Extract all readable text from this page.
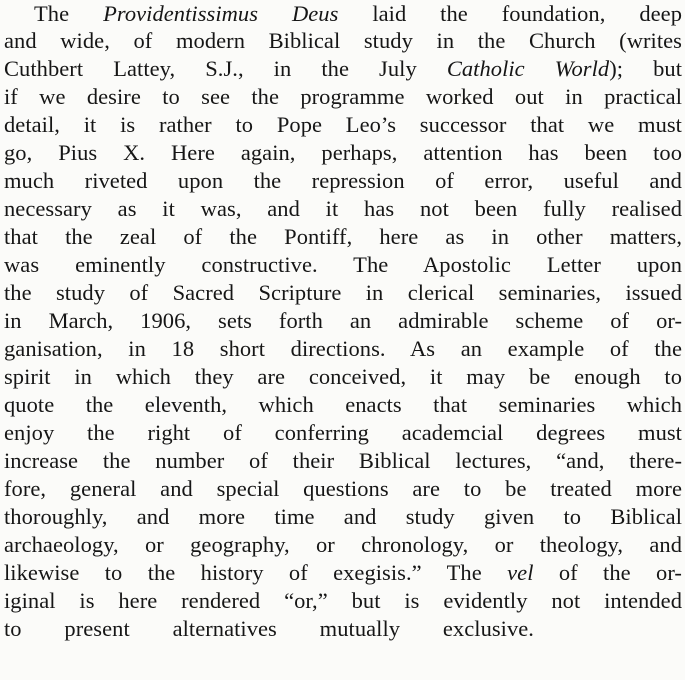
The Providentissimus Deus laid the foundation, deep
and wide, of modern Biblical study in the Church (writes
Cuthbert Lattey, S.J., in the July Catholic World); but
if we desire to see the programme worked out in practical
detail, it is rather to Pope Leo’s successor that we must
go, Pius X. Here again, perhaps, attention has been too
much riveted upon the repression of error, useful and
necessary as it was, and it has not been fully realised
that the zeal of the Pontiff, here as in other matters,
was eminently constructive. The Apostolic Letter upon
the study of Sacred Scripture in clerical seminaries, issued
in March, 1906, sets forth an admirable scheme of or-
ganisation, in 18 short directions. As an example of the
spirit in which they are conceived, it may be enough to
quote the eleventh, which enacts that seminaries which
enjoy the right of conferring academcial degrees must
increase the number of their Biblical lectures, “and, there-
fore, general and special questions are to be treated more
thoroughly, and more time and study given to Biblical
archaeology, or geography, or chronology, or theology, and
likewise to the history of exegisis.” The vel of the or-
iginal is here rendered “or,” but is evidently not intended
to present alternatives mutually exclusive.
